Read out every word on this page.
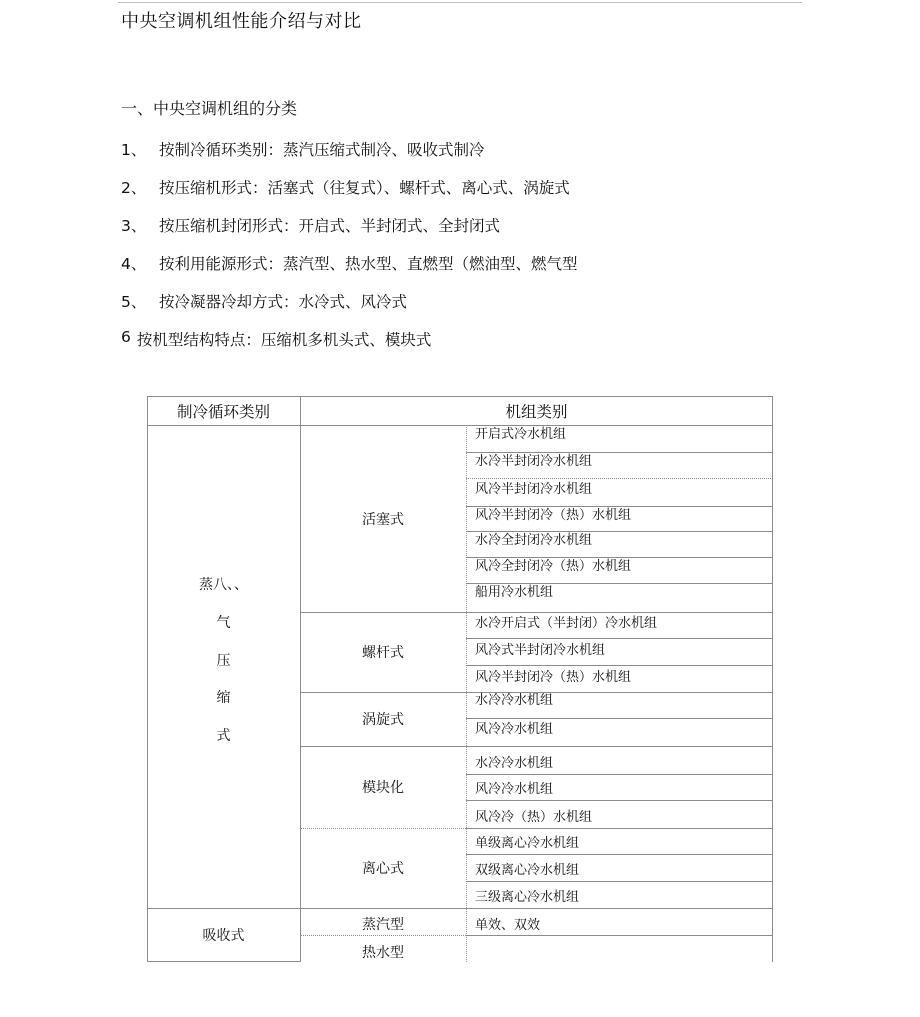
中央空调机组性能介绍与对比
一、中央空调机组的分类
1、 按制冷循环类别：蒸汽压缩式制冷、吸收式制冷
2、 按压缩机形式：活塞式（往复式）、螺杆式、离心式、涡旋式
3、 按压缩机封闭形式：开启式、半封闭式、全封闭式
4、 按利用能源形式：蒸汽型、热水型、直燃型（燃油型、燃气型
5、 按冷凝器冷却方式：水冷式、风冷式
6 按机型结构特点：压缩机多机头式、模块式
制冷循环类别	机组类别
蒸八、、
气
压
缩
式
活塞式
螺杆式
涡旋式
模块化
离心式
开启式冷水机组
水冷半封闭冷水机组
风冷半封闭冷水机组
风冷半封闭冷（热）水机组
水冷全封闭冷水机组
风冷全封闭冷（热）水机组
船用冷水机组
水冷开启式（半封闭）冷水机组
风冷式半封闭冷水机组
风冷半封闭冷（热）水机组
水冷冷水机组
风冷冷水机组
水冷冷水机组
风冷冷水机组
风冷冷（热）水机组
单级离心冷水机组
双级离心冷水机组
三级离心冷水机组
吸收式
蒸汽型
热水型
单效、双效
